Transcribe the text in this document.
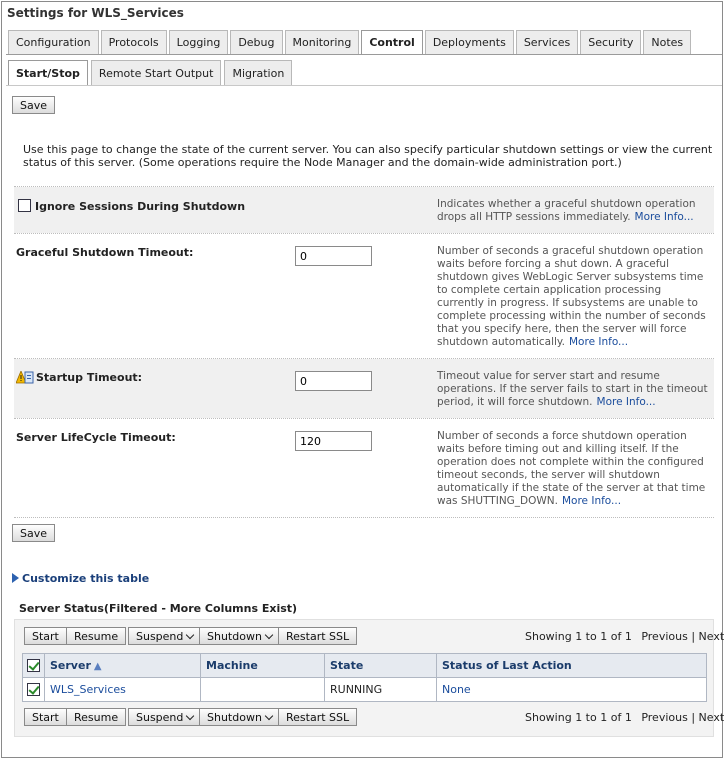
Settings for WLS_Services
Configuration	Protocols	Logging	Debug	Monitoring	Control	Deployments	Services	Security	Notes
Start/Stop	Remote Start Output	Migration
Save
Use this page to change the state of the current server. You can also specify particular shutdown settings or view the current status of this server. (Some operations require the Node Manager and the domain-wide administration port.)
Ignore Sessions During Shutdown	Indicates whether a graceful shutdown operation drops all HTTP sessions immediately. More Info...
Graceful Shutdown Timeout:
0	Number of seconds a graceful shutdown operation waits before forcing a shut down. A graceful shutdown gives WebLogic Server subsystems time to complete certain application processing currently in progress. If subsystems are unable to complete processing within the number of seconds that you specify here, then the server will force shutdown automatically. More Info...
Startup Timeout:
0	Timeout value for server start and resume operations. If the server fails to start in the timeout period, it will force shutdown. More Info...
Server LifeCycle Timeout:
120	Number of seconds a force shutdown operation waits before timing out and killing itself. If the operation does not complete within the configured timeout seconds, the server will shutdown automatically if the state of the server at that time was SHUTTING_DOWN. More Info...
Save
Customize this table
Server Status(Filtered - More Columns Exist)
Start	Resume	Suspend	Shutdown	Restart SSL	Showing 1 to 1 of 1 Previous | Next
	Server ▲	Machine	State	Status of Last Action
	WLS_Services		RUNNING	None
Start	Resume	Suspend	Shutdown	Restart SSL	Showing 1 to 1 of 1 Previous | Next
